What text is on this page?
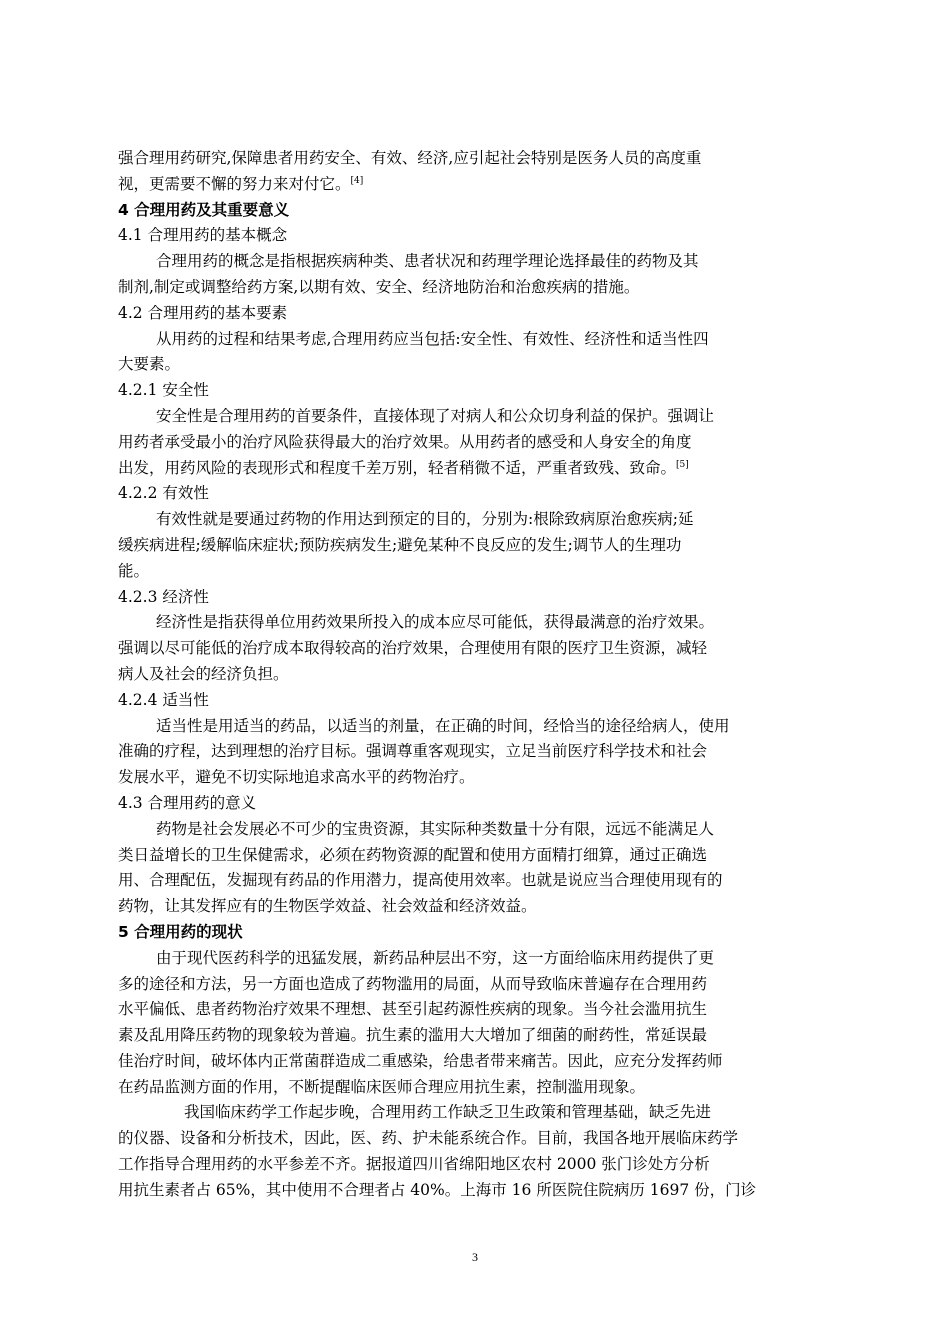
强合理用药研究,保障患者用药安全、有效、经济,应引起社会特别是医务人员的高度重
视，更需要不懈的努力来对付它。[4]
4 合理用药及其重要意义
4.1 合理用药的基本概念
合理用药的概念是指根据疾病种类、患者状况和药理学理论选择最佳的药物及其
制剂,制定或调整给药方案,以期有效、安全、经济地防治和治愈疾病的措施。
4.2 合理用药的基本要素
从用药的过程和结果考虑,合理用药应当包括:安全性、有效性、经济性和适当性四
大要素。
4.2.1 安全性
安全性是合理用药的首要条件，直接体现了对病人和公众切身利益的保护。强调让
用药者承受最小的治疗风险获得最大的治疗效果。从用药者的感受和人身安全的角度
出发，用药风险的表现形式和程度千差万别，轻者稍微不适，严重者致残、致命。[5]
4.2.2 有效性
有效性就是要通过药物的作用达到预定的目的，分别为:根除致病原治愈疾病;延
缓疾病进程;缓解临床症状;预防疾病发生;避免某种不良反应的发生;调节人的生理功
能。
4.2.3 经济性
经济性是指获得单位用药效果所投入的成本应尽可能低，获得最满意的治疗效果。
强调以尽可能低的治疗成本取得较高的治疗效果，合理使用有限的医疗卫生资源，减轻
病人及社会的经济负担。
4.2.4 适当性
适当性是用适当的药品，以适当的剂量，在正确的时间，经恰当的途径给病人，使用
准确的疗程，达到理想的治疗目标。强调尊重客观现实，立足当前医疗科学技术和社会
发展水平，避免不切实际地追求高水平的药物治疗。
4.3 合理用药的意义
药物是社会发展必不可少的宝贵资源，其实际种类数量十分有限，远远不能满足人
类日益增长的卫生保健需求，必须在药物资源的配置和使用方面精打细算，通过正确选
用、合理配伍，发掘现有药品的作用潜力，提高使用效率。也就是说应当合理使用现有的
药物，让其发挥应有的生物医学效益、社会效益和经济效益。
5 合理用药的现状
由于现代医药科学的迅猛发展，新药品种层出不穷，这一方面给临床用药提供了更
多的途径和方法，另一方面也造成了药物滥用的局面，从而导致临床普遍存在合理用药
水平偏低、患者药物治疗效果不理想、甚至引起药源性疾病的现象。当今社会滥用抗生
素及乱用降压药物的现象较为普遍。抗生素的滥用大大增加了细菌的耐药性，常延误最
佳治疗时间，破坏体内正常菌群造成二重感染，给患者带来痛苦。因此，应充分发挥药师
在药品监测方面的作用，不断提醒临床医师合理应用抗生素，控制滥用现象。
我国临床药学工作起步晚，合理用药工作缺乏卫生政策和管理基础，缺乏先进
的仪器、设备和分析技术，因此，医、药、护未能系统合作。目前，我国各地开展临床药学
工作指导合理用药的水平参差不齐。据报道四川省绵阳地区农村 2000 张门诊处方分析
用抗生素者占 65%，其中使用不合理者占 40%。上海市 16 所医院住院病历 1697 份，门诊
3
